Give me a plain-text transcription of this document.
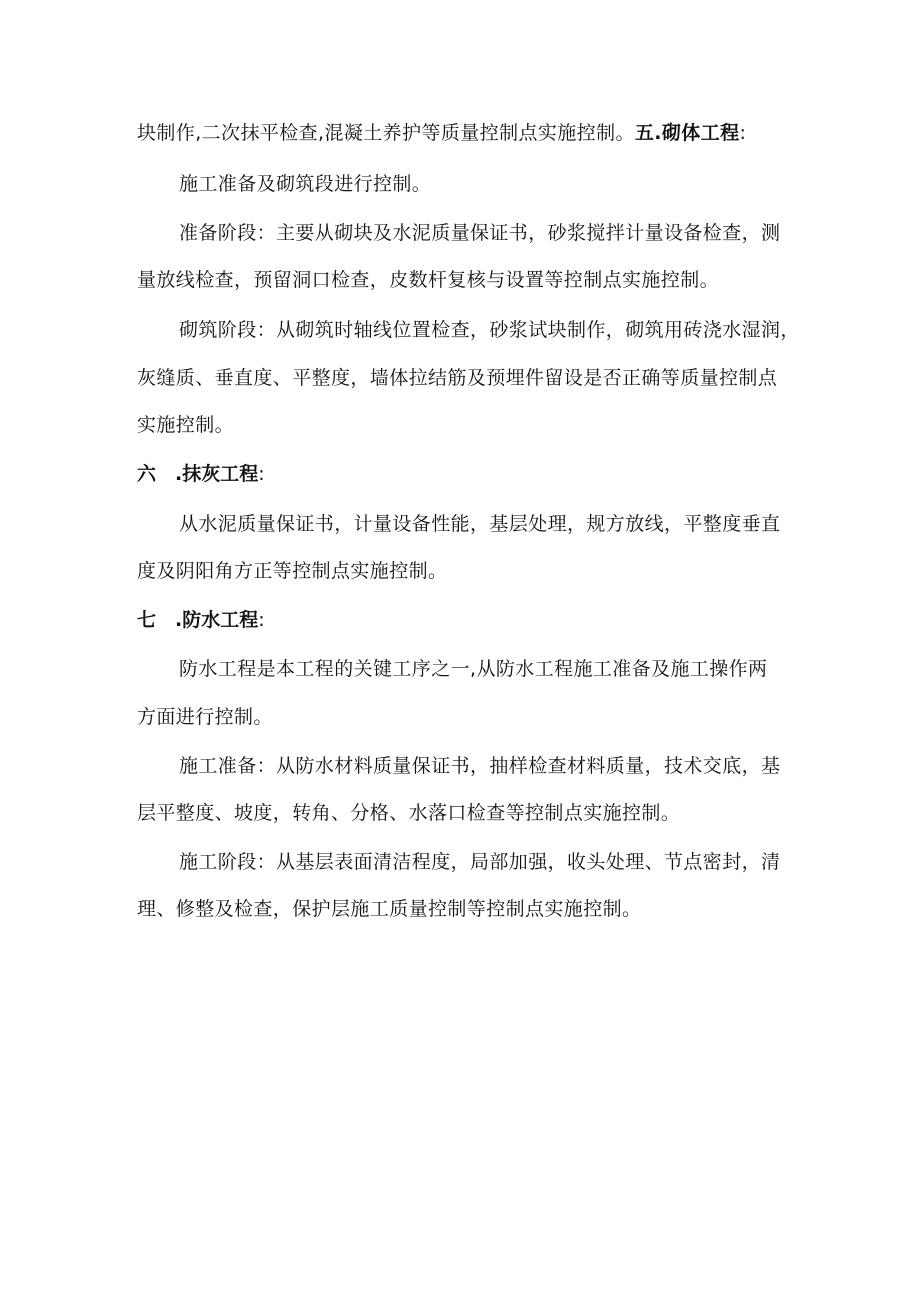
块制作,二次抹平检查,混凝土养护等质量控制点实施控制。五.砌体工程:
施工准备及砌筑段进行控制。
准备阶段：主要从砌块及水泥质量保证书，砂浆搅拌计量设备检查，测
量放线检查，预留洞口检查，皮数杆复核与设置等控制点实施控制。
砌筑阶段：从砌筑时轴线位置检查，砂浆试块制作，砌筑用砖浇水湿润，
灰缝质、垂直度、平整度，墙体拉结筋及预埋件留设是否正确等质量控制点
实施控制。
六 .抹灰工程:
从水泥质量保证书，计量设备性能，基层处理，规方放线，平整度垂直
度及阴阳角方正等控制点实施控制。
七 .防水工程:
防水工程是本工程的关键工序之一,从防水工程施工准备及施工操作两
方面进行控制。
施工准备：从防水材料质量保证书，抽样检查材料质量，技术交底，基
层平整度、坡度，转角、分格、水落口检查等控制点实施控制。
施工阶段：从基层表面清洁程度，局部加强，收头处理、节点密封，清
理、修整及检查，保护层施工质量控制等控制点实施控制。
